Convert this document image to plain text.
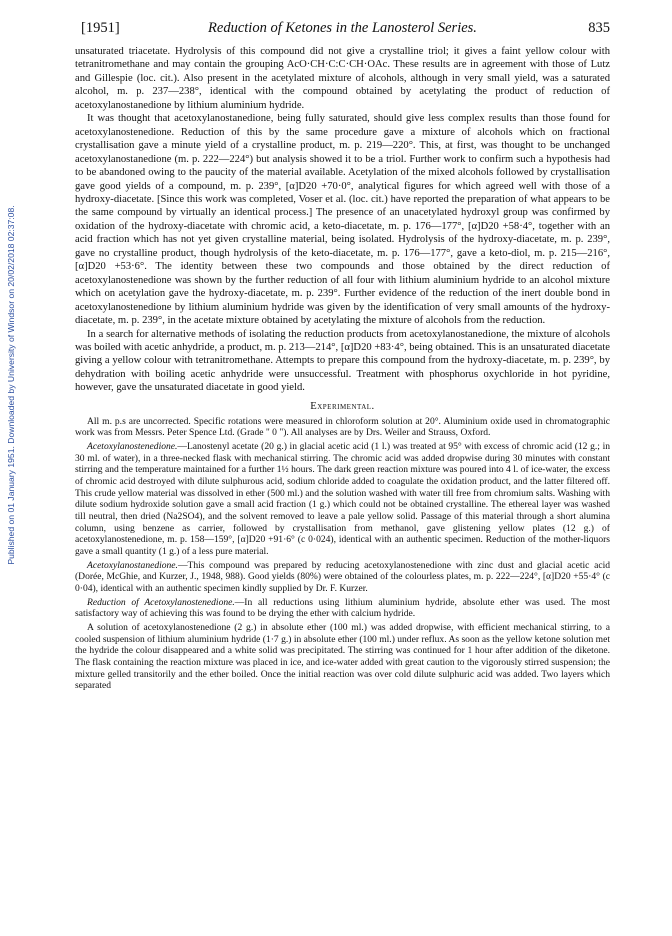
Published on 01 January 1951. Downloaded by University of Windsor on 20/02/2018 02:37:08.
[1951]	Reduction of Ketones in the Lanosterol Series.	835

unsaturated triacetate. Hydrolysis of this compound did not give a crystalline triol; it gives a faint yellow colour with tetranitromethane and may contain the grouping AcO·CH·C:C·CH·OAc. These results are in agreement with those of Lutz and Gillespie (loc. cit.). Also present in the acetylated mixture of alcohols, although in very small yield, was a saturated alcohol, m. p. 237—238°, identical with the compound obtained by acetylating the product of reduction of acetoxylanostanedione by lithium aluminium hydride.

It was thought that acetoxylanostanedione, being fully saturated, should give less complex results than those found for acetoxylanostenedione. Reduction of this by the same procedure gave a mixture of alcohols which on fractional crystallisation gave a minute yield of a crystalline product, m. p. 219—220°. This, at first, was thought to be unchanged acetoxylanostanedione (m. p. 222—224°) but analysis showed it to be a triol. Further work to confirm such a hypothesis had to be abandoned owing to the paucity of the material available. Acetylation of the mixed alcohols followed by crystallisation gave good yields of a compound, m. p. 239°, [α]D20 +70·0°, analytical figures for which agreed well with those of a hydroxy-diacetate. [Since this work was completed, Voser et al. (loc. cit.) have reported the preparation of what appears to be the same compound by virtually an identical process.] The presence of an unacetylated hydroxyl group was confirmed by oxidation of the hydroxy-diacetate with chromic acid, a keto-diacetate, m. p. 176—177°, [α]D20 +58·4°, together with an acid fraction which has not yet given crystalline material, being isolated. Hydrolysis of the hydroxy-diacetate, m. p. 239°, gave no crystalline product, though hydrolysis of the keto-diacetate, m. p. 176—177°, gave a keto-diol, m. p. 215—216°, [α]D20 +53·6°. The identity between these two compounds and those obtained by the direct reduction of acetoxylanostenedione was shown by the further reduction of all four with lithium aluminium hydride to an alcohol mixture which on acetylation gave the hydroxy-diacetate, m. p. 239°. Further evidence of the reduction of the inert double bond in acetoxylanostenedione by lithium aluminium hydride was given by the identification of very small amounts of the hydroxy-diacetate, m. p. 239°, in the acetate mixture obtained by acetylating the mixture of alcohols from the reduction.

In a search for alternative methods of isolating the reduction products from acetoxylanostanedione, the mixture of alcohols was boiled with acetic anhydride, a product, m. p. 213—214°, [α]D20 +83·4°, being obtained. This is an unsaturated diacetate giving a yellow colour with tetranitromethane. Attempts to prepare this compound from the hydroxy-diacetate, m. p. 239°, by dehydration with boiling acetic anhydride were unsuccessful. Treatment with phosphorus oxychloride in hot pyridine, however, gave the unsaturated diacetate in good yield.

Experimental.

All m. p.s are uncorrected. Specific rotations were measured in chloroform solution at 20°. Aluminium oxide used in chromatographic work was from Messrs. Peter Spence Ltd. (Grade " 0 "). All analyses are by Drs. Weiler and Strauss, Oxford.

Acetoxylanostenedione.—Lanostenyl acetate (20 g.) in glacial acetic acid (1 l.) was treated at 95° with excess of chromic acid (12 g.; in 30 ml. of water), in a three-necked flask with mechanical stirring. The chromic acid was added dropwise during 30 minutes with constant stirring and the temperature maintained for a further 1½ hours. The dark green reaction mixture was poured into 4 l. of ice-water, the excess of chromic acid destroyed with dilute sulphurous acid, sodium chloride added to coagulate the oxidation product, and the latter filtered off. This crude yellow material was dissolved in ether (500 ml.) and the solution washed with water till free from chromium salts. Washing with dilute sodium hydroxide solution gave a small acid fraction (1 g.) which could not be obtained crystalline. The ethereal layer was washed till neutral, then dried (Na2SO4), and the solvent removed to leave a pale yellow solid. Passage of this material through a short alumina column, using benzene as carrier, followed by crystallisation from methanol, gave glistening yellow plates (12 g.) of acetoxylanostenedione, m. p. 158—159°, [α]D20 +91·6° (c 0·024), identical with an authentic specimen. Reduction of the mother-liquors gave a small quantity (1 g.) of a less pure material.

Acetoxylanostanedione.—This compound was prepared by reducing acetoxylanostenedione with zinc dust and glacial acetic acid (Dorée, McGhie, and Kurzer, J., 1948, 988). Good yields (80%) were obtained of the colourless plates, m. p. 222—224°, [α]D20 +55·4° (c 0·04), identical with an authentic specimen kindly supplied by Dr. F. Kurzer.

Reduction of Acetoxylanostenedione.—In all reductions using lithium aluminium hydride, absolute ether was used. The most satisfactory way of achieving this was found to be drying the ether with calcium hydride.

A solution of acetoxylanostenedione (2 g.) in absolute ether (100 ml.) was added dropwise, with efficient mechanical stirring, to a cooled suspension of lithium aluminium hydride (1·7 g.) in absolute ether (100 ml.) under reflux. As soon as the yellow ketone solution met the hydride the colour disappeared and a white solid was precipitated. The stirring was continued for 1 hour after addition of the diketone. The flask containing the reaction mixture was placed in ice, and ice-water added with great caution to the vigorously stirred suspension; the mixture gelled transitorily and the ether boiled. Once the initial reaction was over cold dilute sulphuric acid was added. Two layers which separated
